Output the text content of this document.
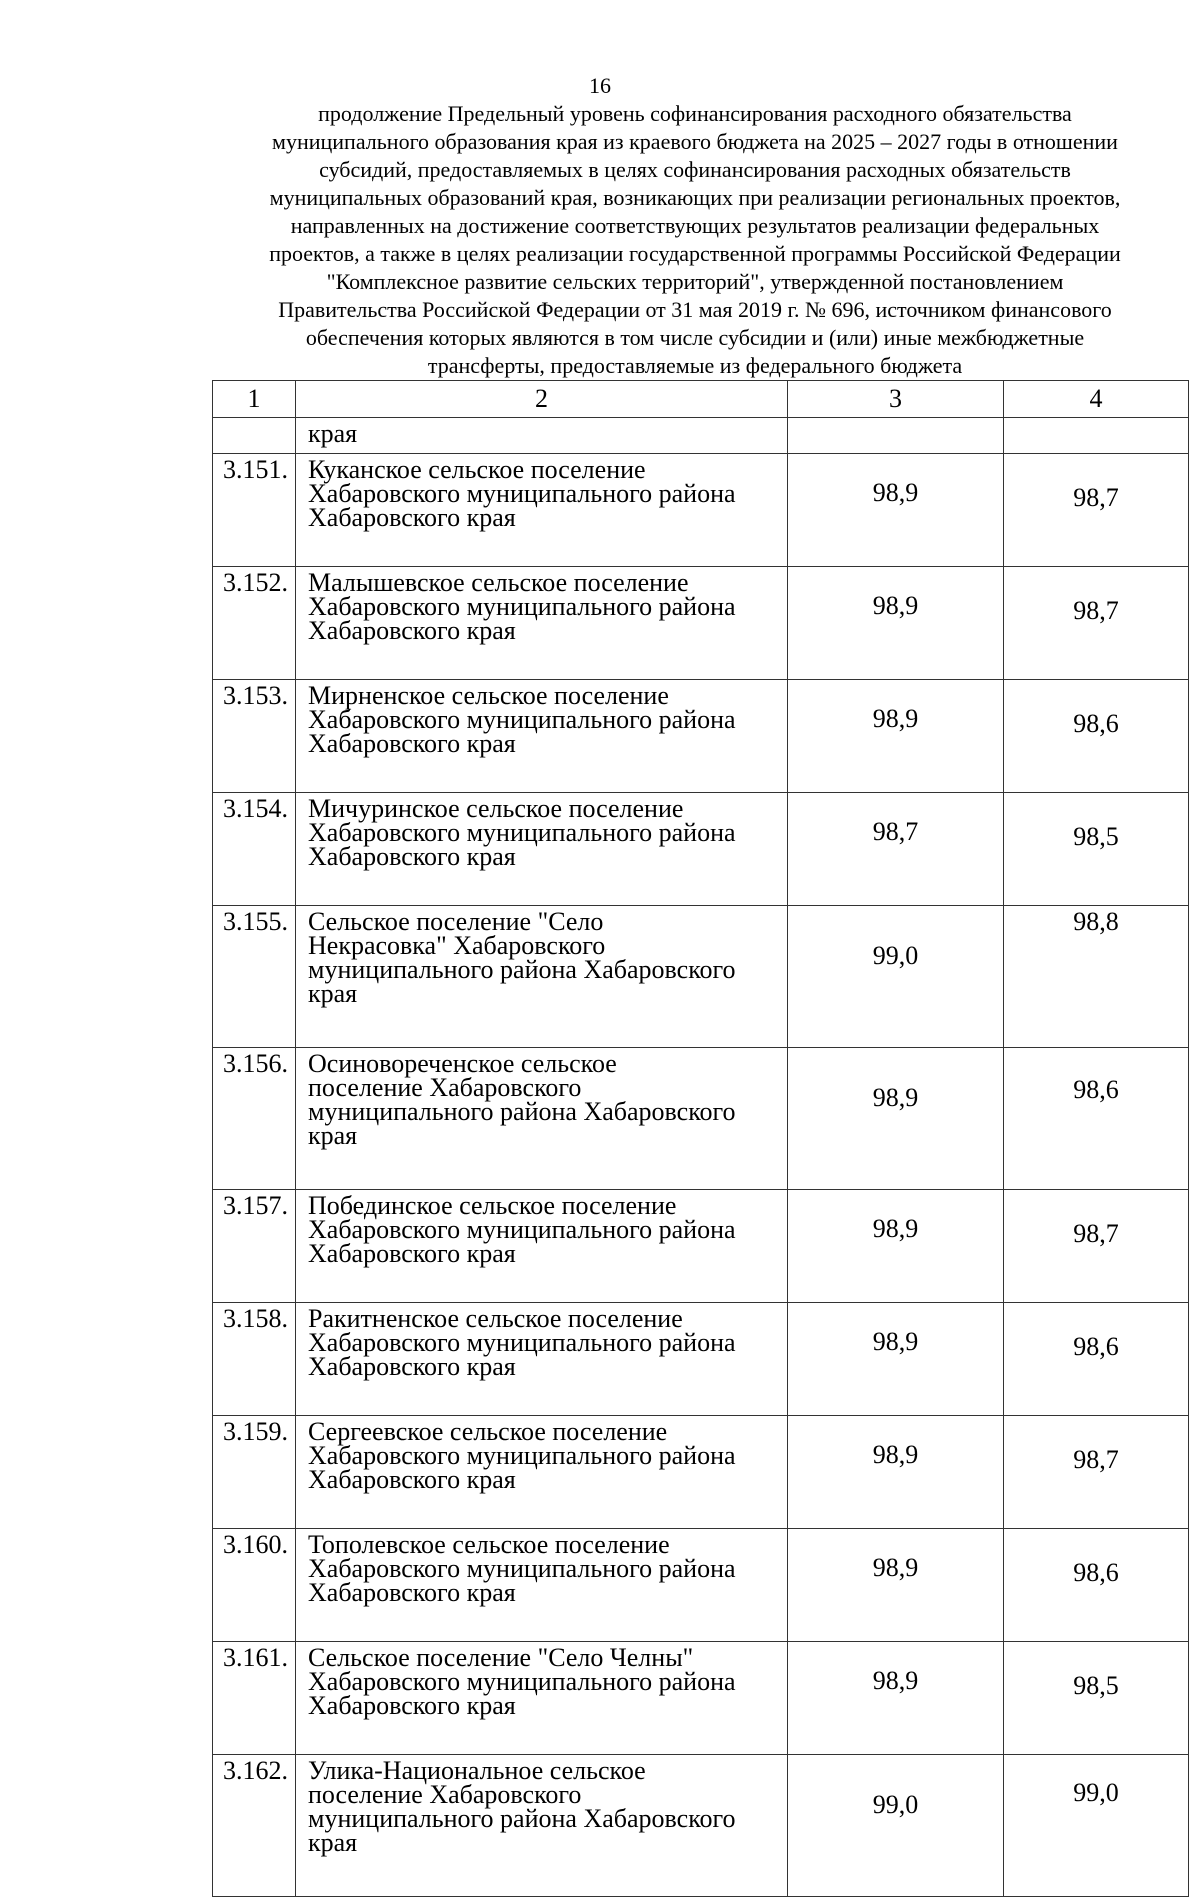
16
продолжение Предельный уровень софинансирования расходного обязательства
муниципального образования края из краевого бюджета на 2025 – 2027 годы в отношении
субсидий, предоставляемых в целях софинансирования расходных обязательств
муниципальных образований края, возникающих при реализации региональных проектов,
направленных на достижение соответствующих результатов реализации федеральных
проектов, а также в целях реализации государственной программы Российской Федерации
"Комплексное развитие сельских территорий", утвержденной постановлением
Правительства Российской Федерации от 31 мая 2019 г. № 696, источником финансового
обеспечения которых являются в том числе субсидии и (или) иные межбюджетные
трансферты, предоставляемые из федерального бюджета
1	2	3	4
	края		
3.151.	Куканское сельское поселение
Хабаровского муниципального района
Хабаровского края	98,9	98,7
3.152.	Малышевское сельское поселение
Хабаровского муниципального района
Хабаровского края	98,9	98,7
3.153.	Мирненское сельское поселение
Хабаровского муниципального района
Хабаровского края	98,9	98,6
3.154.	Мичуринское сельское поселение
Хабаровского муниципального района
Хабаровского края	98,7	98,5
3.155.	Сельское поселение "Село
Некрасовка" Хабаровского
муниципального района Хабаровского
края	99,0	98,8
3.156.	Осиновореченское сельское
поселение Хабаровского
муниципального района Хабаровского
края	98,9	98,6
3.157.	Побединское сельское поселение
Хабаровского муниципального района
Хабаровского края	98,9	98,7
3.158.	Ракитненское сельское поселение
Хабаровского муниципального района
Хабаровского края	98,9	98,6
3.159.	Сергеевское сельское поселение
Хабаровского муниципального района
Хабаровского края	98,9	98,7
3.160.	Тополевское сельское поселение
Хабаровского муниципального района
Хабаровского края	98,9	98,6
3.161.	Сельское поселение "Село Челны"
Хабаровского муниципального района
Хабаровского края	98,9	98,5
3.162.	Улика-Национальное сельское
поселение Хабаровского
муниципального района Хабаровского
края	99,0	99,0
